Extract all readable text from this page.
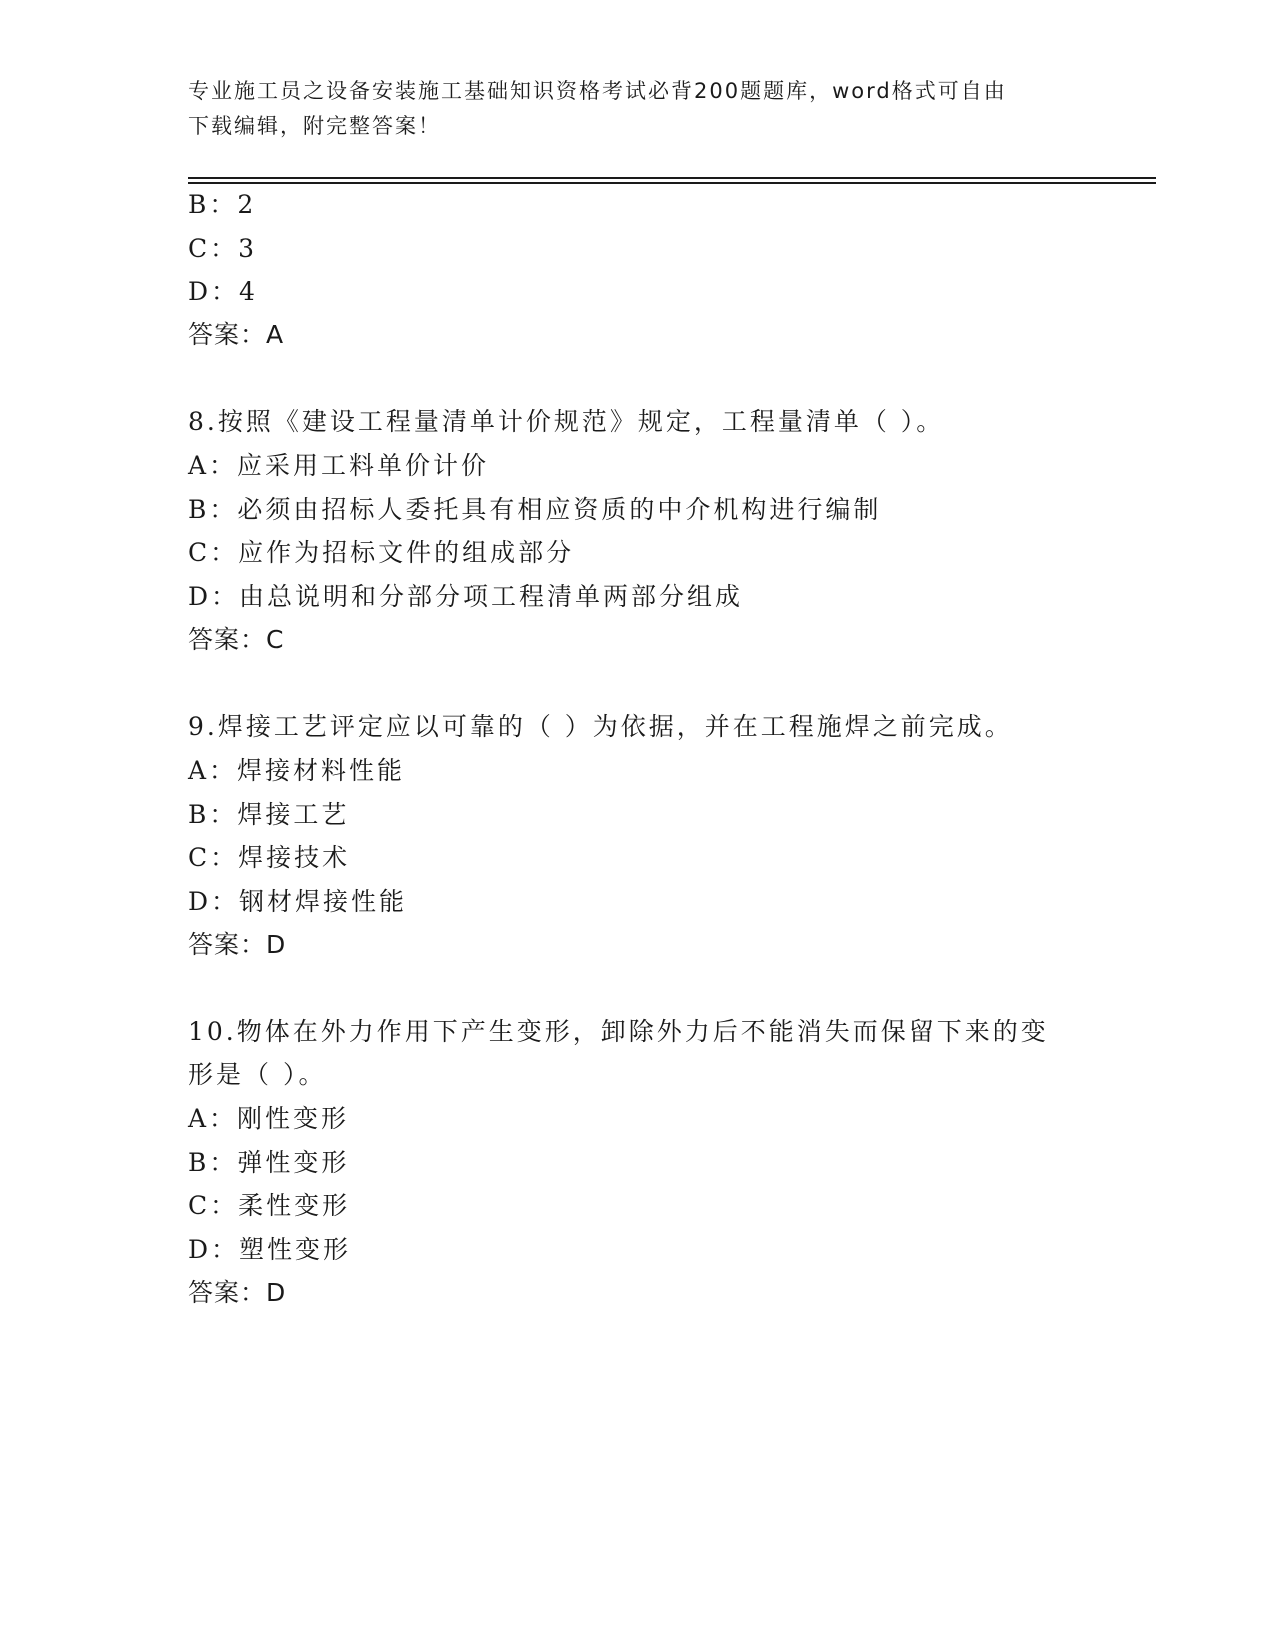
专业施工员之设备安装施工基础知识资格考试必背200题题库，word格式可自由
下载编辑，附完整答案！
B：2
C：3
D：4
答案：A
8.按照《建设工程量清单计价规范》规定，工程量清单（ ）。
A：应采用工料单价计价
B：必须由招标人委托具有相应资质的中介机构进行编制
C：应作为招标文件的组成部分
D：由总说明和分部分项工程清单两部分组成
答案：C
9.焊接工艺评定应以可靠的（ ）为依据，并在工程施焊之前完成。
A：焊接材料性能
B：焊接工艺
C：焊接技术
D：钢材焊接性能
答案：D
10.物体在外力作用下产生变形，卸除外力后不能消失而保留下来的变
形是（ ）。
A：刚性变形
B：弹性变形
C：柔性变形
D：塑性变形
答案：D
